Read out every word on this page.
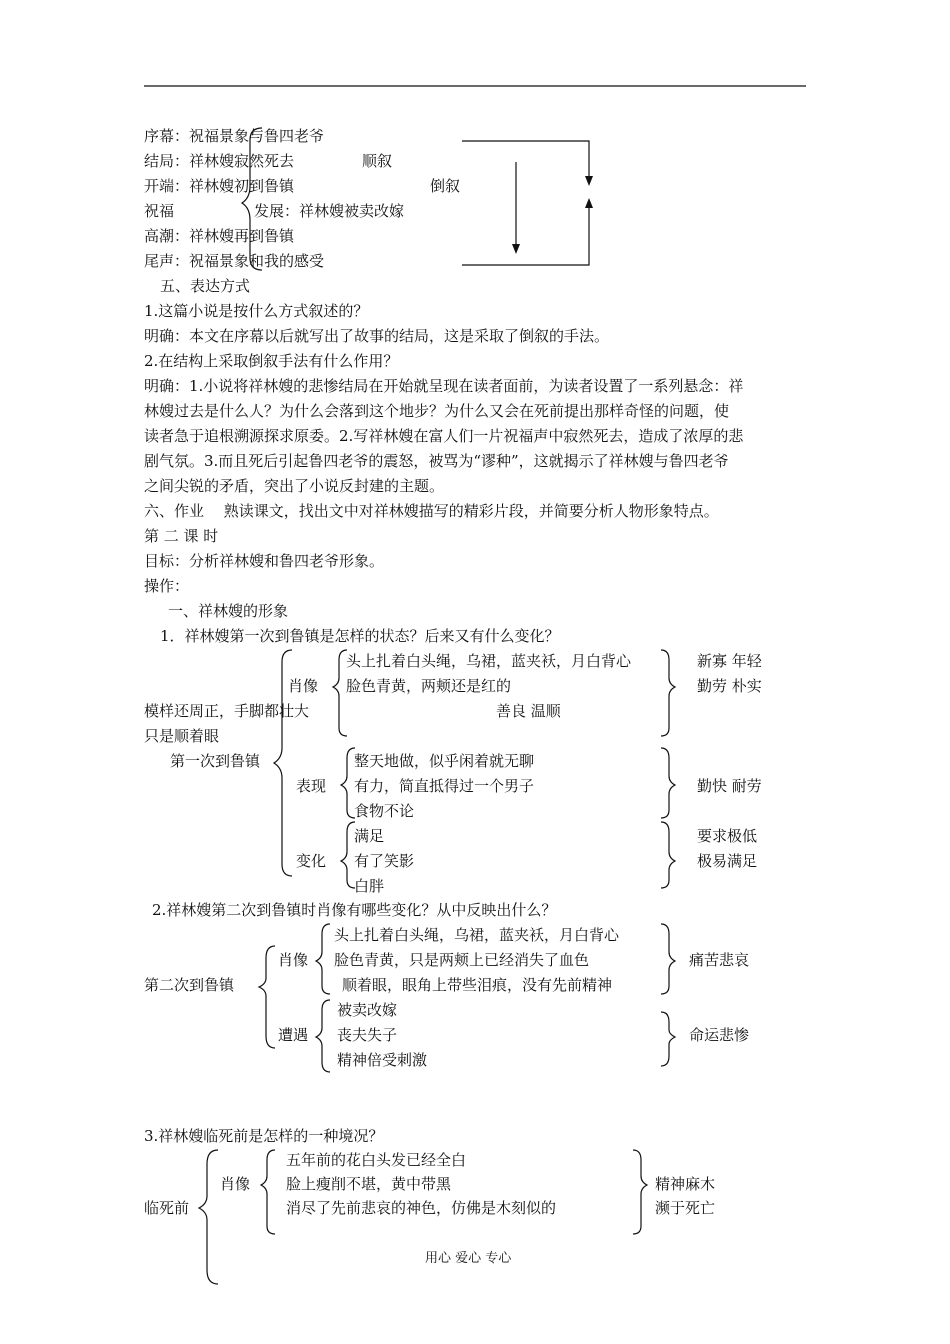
序幕：祝福景象与鲁四老爷
结局：祥林嫂寂然死去	顺叙
开端：祥林嫂初到鲁镇	倒叙
祝福	发展：祥林嫂被卖改嫁
高潮：祥林嫂再到鲁镇
尾声：祝福景象和我的感受
五、表达方式
1.这篇小说是按什么方式叙述的？
明确：本文在序幕以后就写出了故事的结局，这是采取了倒叙的手法。
2.在结构上采取倒叙手法有什么作用？
明确：1.小说将祥林嫂的悲惨结局在开始就呈现在读者面前，为读者设置了一系列悬念：祥
林嫂过去是什么人？为什么会落到这个地步？为什么又会在死前提出那样奇怪的问题，使
读者急于追根溯源探求原委。2.写祥林嫂在富人们一片祝福声中寂然死去，造成了浓厚的悲
剧气氛。3.而且死后引起鲁四老爷的震怒，被骂为“谬种”，这就揭示了祥林嫂与鲁四老爷
之间尖锐的矛盾，突出了小说反封建的主题。
六、作业　 熟读课文，找出文中对祥林嫂描写的精彩片段，并简要分析人物形象特点。
第 二 课 时
目标：分析祥林嫂和鲁四老爷形象。
操作：
一、祥林嫂的形象
1．祥林嫂第一次到鲁镇是怎样的状态？后来又有什么变化？
肖像
头上扎着白头绳，乌裙，蓝夹袄，月白背心
脸色青黄，两颊还是红的
新寡 年轻
勤劳 朴实
模样还周正，手脚都壮大	善良 温顺
只是顺着眼
第一次到鲁镇	整天地做，似乎闲着就无聊
表现 有力，简直抵得过一个男子	勤快 耐劳
食物不论
满足	要求极低
变化 有了笑影	极易满足
白胖
2.祥林嫂第二次到鲁镇时肖像有哪些变化？从中反映出什么？
头上扎着白头绳，乌裙，蓝夹袄，月白背心
肖像 脸色青黄，只是两颊上已经消失了血色	痛苦悲哀
第二次到鲁镇	顺着眼，眼角上带些泪痕，没有先前精神
被卖改嫁
遭遇 丧夫失子	命运悲惨
精神倍受刺激
3.祥林嫂临死前是怎样的一种境况？
五年前的花白头发已经全白
肖像 脸上瘦削不堪，黄中带黑	精神麻木
临死前	消尽了先前悲哀的神色，仿佛是木刻似的	濒于死亡
用心 爱心 专心
